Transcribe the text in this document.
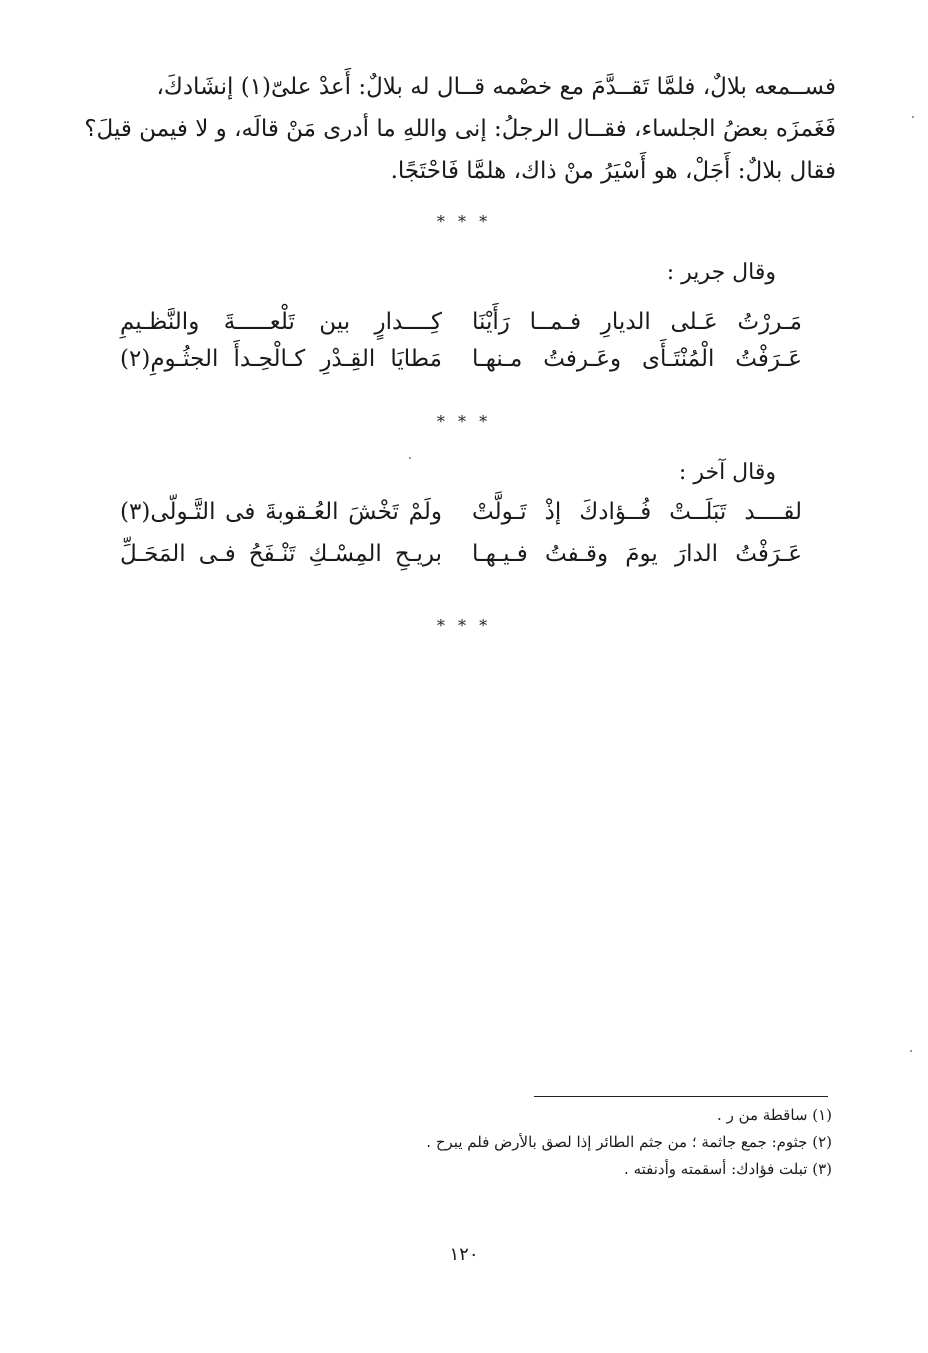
فســمعه بلالٌ، فلمَّا تَقــدَّمَ مع خصْمه قــال له بلالٌ: أَعدْ علىّ(١) إنشَادكَ،

فَغَمزَه بعضُ الجلساء، فقــال الرجلُ: إنى واللهِ ما أدرى مَنْ قالَه، و لا فيمن قيلَ؟

فقال بلالٌ: أَجَلْ، هو أَسْيَرُ منْ ذاك، هلمَّا فَاحْتَجًا.

* * *
وقال جرير :
مَـررْتُ عَـلى الديارِ فـمــا رَأَيْنَا
كِــــدارٍ بين تَلْعـــــةَ والنَّظـيمِ
عَـرَفْتُ الْمُنْتَـأَى وعَـرفتُ مـنهـا
مَطايَا القِـدْرِ كـالْحِـدأَ الجثُـومِ(٢)
* * *
وقال آخر :
لقــــد تَبَلَــتْ فُــؤادكَ إذْ تَـولَّتْ
ولَمْ تَخْشَ العُـقوبةَ فى التَّـولّى(٣)
عَـرَفْتُ الدارَ يومَ وقـفتُ فـيـهـا
بريـحِ المِسْـكِ تَنْـفَحُ فـى المَحَـلِّ
* * *
(١) ساقطة من ر .
(٢) جثوم: جمع جاثمة ؛ من جثم الطائر إذا لصق بالأرض فلم يبرح .
(٣) تبلت فؤادك: أسقمته وأدنفته .
١٢٠
